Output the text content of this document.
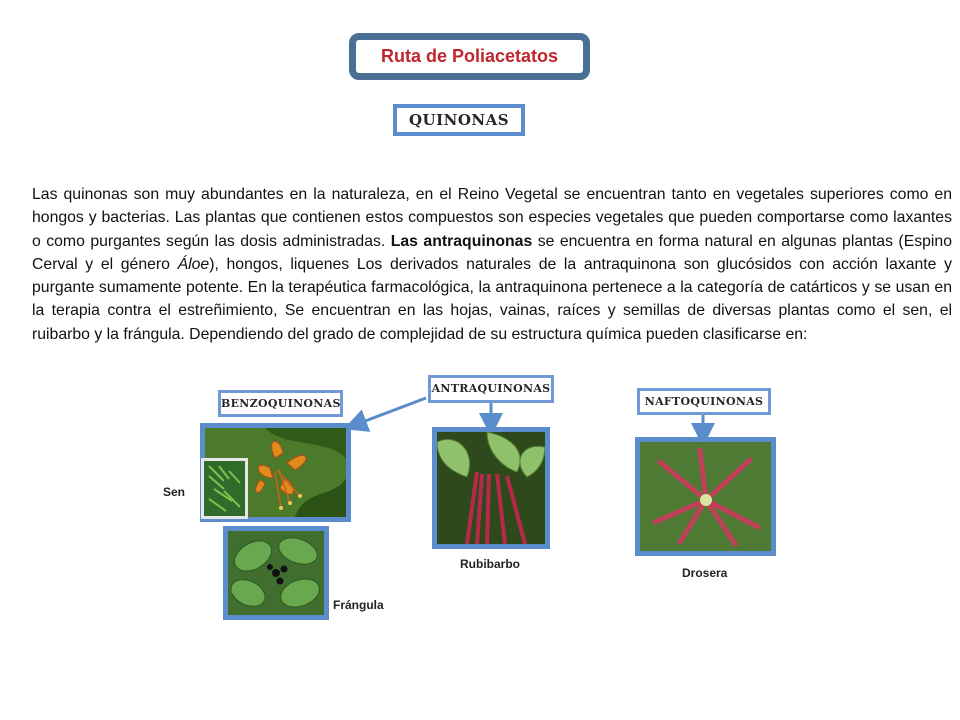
Ruta de Poliacetatos
QUINONAS

Las quinonas son muy abundantes en la naturaleza, en el Reino Vegetal se encuentran tanto en vegetales superiores como en hongos y bacterias. Las plantas que contienen estos compuestos son especies vegetales que pueden comportarse como laxantes o como purgantes según las dosis administradas. Las antraquinonas se encuentra en forma natural en algunas plantas (Espino Cerval y el género Áloe), hongos, liquenes Los derivados naturales de la antraquinona son glucósidos con acción laxante y purgante sumamente potente. En la terapéutica farmacológica, la antraquinona pertenece a la categoría de catárticos y se usan en la terapia contra el estreñimiento, Se encuentran en las hojas, vainas, raíces y semillas de diversas plantas como el sen, el ruibarbo y la frángula. Dependiendo del grado de complejidad de su estructura química pueden clasificarse en:

BENZOQUINONAS
ANTRAQUINONAS
NAFTOQUINONAS
Sen
Frángula
Rubibarbo
Drosera
